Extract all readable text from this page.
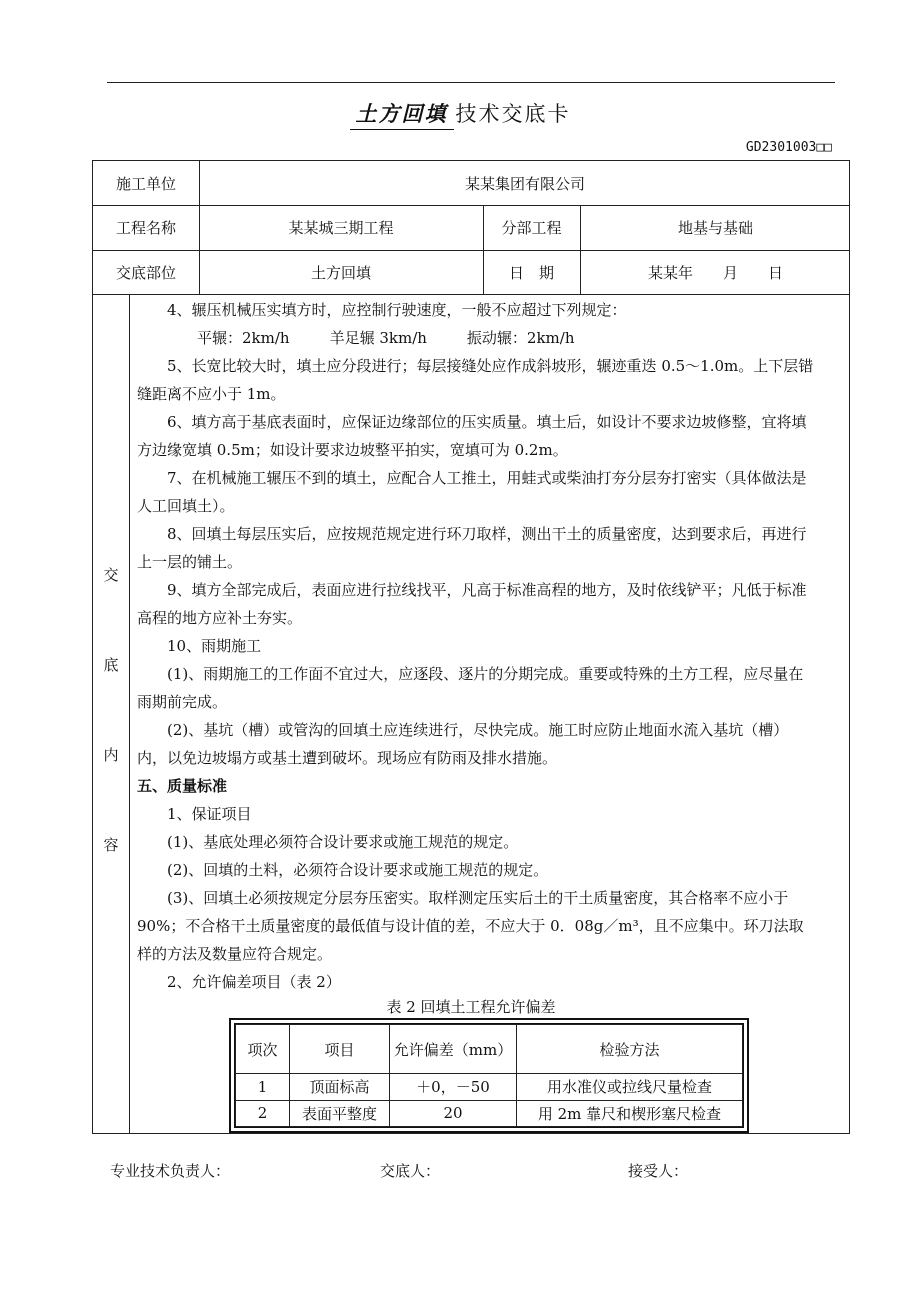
土方回填 技术交底卡
GD2301003□□
施工单位	某某集团有限公司
工程名称	某某城三期工程	分部工程	地基与基础
交底部位	土方回填	日　期	某某年　　月　　日
交
底
内
容

4、辗压机械压实填方时，应控制行驶速度，一般不应超过下列规定：

平辗：2km/h	羊足辗 3km/h	振动辗：2km/h

5、长宽比较大时，填土应分段进行；每层接缝处应作成斜坡形，辗迹重迭 0.5～1.0m。上下层错缝距离不应小于 1m。

6、填方高于基底表面时，应保证边缘部位的压实质量。填土后，如设计不要求边坡修整，宜将填方边缘宽填 0.5m；如设计要求边坡整平拍实，宽填可为 0.2m。

7、在机械施工辗压不到的填土，应配合人工推土，用蛙式或柴油打夯分层夯打密实（具体做法是人工回填土）。

8、回填土每层压实后，应按规范规定进行环刀取样，测出干土的质量密度，达到要求后，再进行上一层的铺土。

9、填方全部完成后，表面应进行拉线找平，凡高于标准高程的地方，及时依线铲平；凡低于标准高程的地方应补土夯实。

10、雨期施工

(1)、雨期施工的工作面不宜过大，应逐段、逐片的分期完成。重要或特殊的土方工程，应尽量在雨期前完成。

(2)、基坑（槽）或管沟的回填土应连续进行，尽快完成。施工时应防止地面水流入基坑（槽）内，以免边坡塌方或基土遭到破坏。现场应有防雨及排水措施。

五、质量标准

1、保证项目

(1)、基底处理必须符合设计要求或施工规范的规定。

(2)、回填的土料，必须符合设计要求或施工规范的规定。

(3)、回填土必须按规定分层夯压密实。取样测定压实后土的干土质量密度，其合格率不应小于 90%；不合格干土质量密度的最低值与设计值的差，不应大于 0．08g／m³，且不应集中。环刀法取样的方法及数量应符合规定。

2、允许偏差项目（表 2）

表 2 回填土工程允许偏差
项次	项目	允许偏差（mm）	检验方法
1	顶面标高	＋0，－50	用水准仪或拉线尺量检查
2	表面平整度	20	用 2m 靠尺和楔形塞尺检查
专业技术负责人：	交底人：	接受人：
